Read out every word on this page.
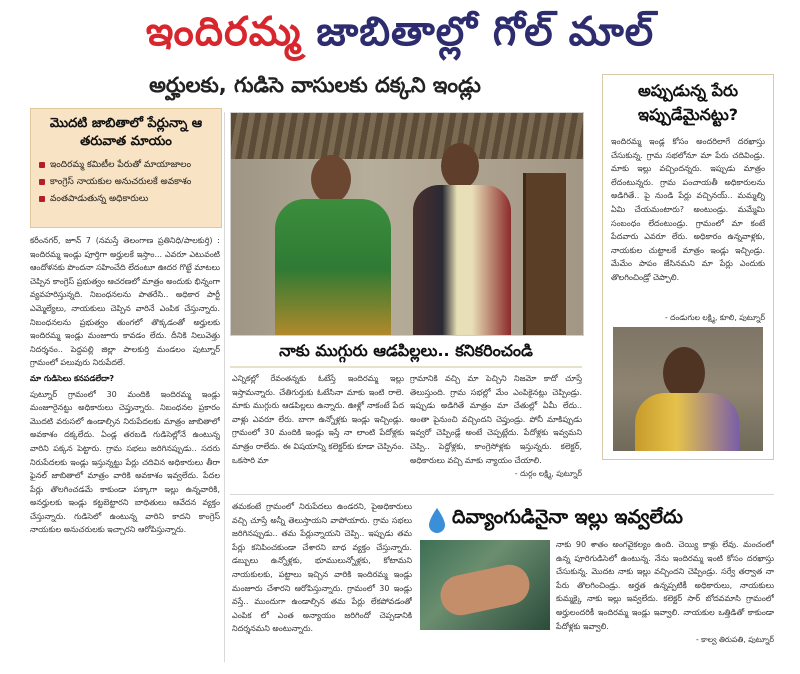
ఇందిరమ్మ జాబితాల్లో గోల్ మాల్
అర్హులకు, గుడిసె వాసులకు దక్కని ఇండ్లు
మొదటి జాబితాలో పేర్లున్నా ఆ తరువాత మాయం
ఇందిరమ్మ కమిటీల పేరుతో మాయాజాలం
కాంగ్రెస్ నాయకుల అనుచరులకే అవకాశం
వంతపాడుతున్న అధికారులు
కరీంనగర్, జూన్ 7 (నమస్తే తెలంగాణ ప్రతినిధి/పాలకుర్తి) : ఇందిరమ్మ ఇండ్లు పూర్తిగా అర్హులకే ఇస్తాం... ఎవరూ ఎటువంటి ఆందోళనకు పొందనా సహించేది లేదంటూ ఊదర గొట్టే మాటలు చెప్పిన కాంగ్రెస్ ప్రభుత్వం ఆచరణలో మాత్రం అందుకు భిన్నంగా వ్యవహరిస్తున్నది. నిబంధనలను పాతరేసి.. అధికార పార్టీ ఎమ్మెల్యేలు, నాయకులు చెప్పిన వారినే ఎంపిక చేస్తున్నారు. నిబంధనలను ప్రభుత్వం తుంగలో తొక్కడంతో అర్హులకు ఇందిరమ్మ ఇండ్లు మంజూరు కావడం లేదు. దీనికి నిలువెత్తు నిదర్శనం.. పెద్దపల్లి జిల్లా పాలకుర్తి మండలం పుట్నూర్ గ్రామంలో పలువురు నిరుపేదలే.
మా గుడిసెలు కనపడలేదా?
పుట్నూర్ గ్రామంలో 30 మందికి ఇందిరమ్మ ఇండ్లు మంజూరైనట్టు అధికారులు చెప్తున్నారు. నిబంధనల ప్రకారం మొదటి వరుసలో ఉండాల్సిన నిరుపేదలకు మాత్రం జాబితాలో అవకాశం దక్కలేదు. ఏండ్ల తరబడి గుడిసెల్లోనే ఉంటున్న వారిని పక్కన పెట్టారు. గ్రామ సభలు జరిగినప్పుడు.. సదరు నిరుపేదలకు ఇండ్లు ఇస్తున్నట్టు పేర్లు చదివిన అధికారులు తీరా ఫైనల్ జాబితాలో మాత్రం వారికి అవకాశం ఇవ్వలేదు. పేదల పేర్లు తొలగించడమే కాకుండా పక్కాగా ఇల్లు ఉన్నవారికి, అనర్హులకు ఇండ్లు కట్టబెట్టారని బాధితులు ఆవేదన వ్యక్తం చేస్తున్నారు. గుడిసెలో ఉంటున్న వారిని కాదని కాంగ్రెస్ నాయకుల అనుచరులకు ఇచ్చారని ఆరోపిస్తున్నారు.
నాకు ముగ్గురు ఆడపిల్లలు.. కనికరించండి
ఎన్నికల్లో రేవంతన్నకు ఓటేస్తే ఇందిరమ్మ ఇల్లు ఇస్తామన్నారు. చేతిగుర్తుకు ఓటేసినా మాకు ఇంటి రాలె. మాకు ముగ్గురు ఆడపిల్లలు ఉన్నారు. ఊళ్లో నాకంటే పేద వాళ్లు ఎవరూ లేరు. బాగా ఉన్నోళ్లకు ఇండ్లు ఇచ్చిండ్లు. గ్రామంలో 30 మందికి ఇండ్లు ఇస్తే నా లాంటి పేదోళ్లకు మాత్రం రాలేదు. ఈ విషయాన్ని కలెక్టర్‌కు కూడా చెప్పినం. ఒకసారి మా
గ్రామానికి వచ్చి మా పెచ్చిని నిజమో కాదో చూస్తే తెలుస్తుంది. గ్రామ సభల్లో మేం ఎంపికైనట్లు చెప్పిండ్రు. ఇప్పుడు అడిగితే మాత్రం మా చేతుల్లో ఏమీ లేదు.. అంతా పైనుంచి వచ్చిందని చెప్తుండ్రు. పోనీ మాకిప్పుడు ఇవ్వరో చెప్పిండ్లే అంటే చెప్పట్లేదు. పేదోళ్లకు ఇవ్వమని చెప్పి.. పెద్దోళ్లకు, కాంగ్రెసోళ్లకు ఇస్తున్నరు. కలెక్టర్, అధికారులు వచ్చి మాకు న్యాయం చేయాలి.
- దుర్గం లక్ష్మి, పుట్నూర్
తమకంటే గ్రామంలో నిరుపేదలు ఉండరని, పైఅధికారులు వచ్చి చూస్తే అన్నీ తెలుస్తాయని వాపోయారు. గ్రామ సభలు జరిగినప్పుడు.. తమ పేర్లున్నాయని చెప్పి.. ఇప్పుడు తమ పేర్లు కనిపించకుండా చేశారని బాధ వ్యక్తం చేస్తున్నారు. డబ్బులు ఉన్నోళ్లకు, భూములున్నోళ్లకు, కోటామని నాయకులకు, పట్టాలు ఇచ్చిన వారికి ఇందిరమ్మ ఇండ్లు మంజూరు చేశారని ఆరోపిస్తున్నారు. గ్రామంలో 30 ఇండ్లు వస్తే.. ముందుగా ఉండాల్సిన తమ పేర్లు లేకపోవడంతో ఎంపిక లో ఎంత అన్యాయం జరిగిందో చెప్పడానికి నిదర్శనమని అంటున్నారు.
దివ్యాంగుడినైనా ఇల్లు ఇవ్వలేదు
నాకు 90 శాతం అంగవైకల్యం ఉంది. చెయ్యి కాళ్లు లేవు. మంచంలో ఉన్న పూరిగుడిసెలో ఉంటున్న. నేను ఇందిరమ్మ ఇంటి కోసం దరఖాస్తు చేసుకున్న. మొదట నాకు ఇల్లు వచ్చిందని చెప్పిండ్రు. సర్వే తర్వాత నా పేరు తొలగించిండ్రు. అర్హత ఉన్నప్పటికీ అధికారులు, నాయకులు కుమ్మక్కై నాకు ఇల్లు ఇవ్వలేదు. కలెక్టర్ సార్ బోదవమాసి గ్రామంలో అర్హులందరికీ ఇందిరమ్మ ఇండ్లు ఇవ్వాలి. నాయకుల ఒత్తిడితో కాకుండా పేదోళ్లకు ఇవ్వాలి.
- కాల్వ తిరుపతి, పుట్నూర్
అప్పుడున్న పేరు ఇప్పుడేమైనట్టు?
ఇందిరమ్మ ఇండ్ల కోసం అందరిలాగే దరఖాస్తు చేసుకున్న. గ్రామ సభలోనూ మా పేరు చదివిండ్రు. మాకు ఇల్లు వచ్చిందన్నరు. ఇప్పుడు మాత్రం లేదంటున్నరు. గ్రామ పంచాయతీ అధికారులను అడిగితే.. పై నుండి పేర్లు వచ్చినయ్.. మమ్మల్ని ఏమి చేయమంటారు? అంటుండ్రు. మమ్మేమి సంబంధం లేదంటుండ్రు. గ్రామంలో మా కంటే పేదవారు ఎవరూ లేరు. అధికారం ఉన్నవాళ్లకు, నాయకుల చుట్టాలకే మాత్రం ఇండ్లు ఇచ్చిండ్రు. మేమేం పాపం జేసినమని మా పేర్లు ఎందుకు తొలగించిండ్రో చెప్పాలి.
- దండుగుల లక్ష్మి, కూలి, పుట్నూర్
